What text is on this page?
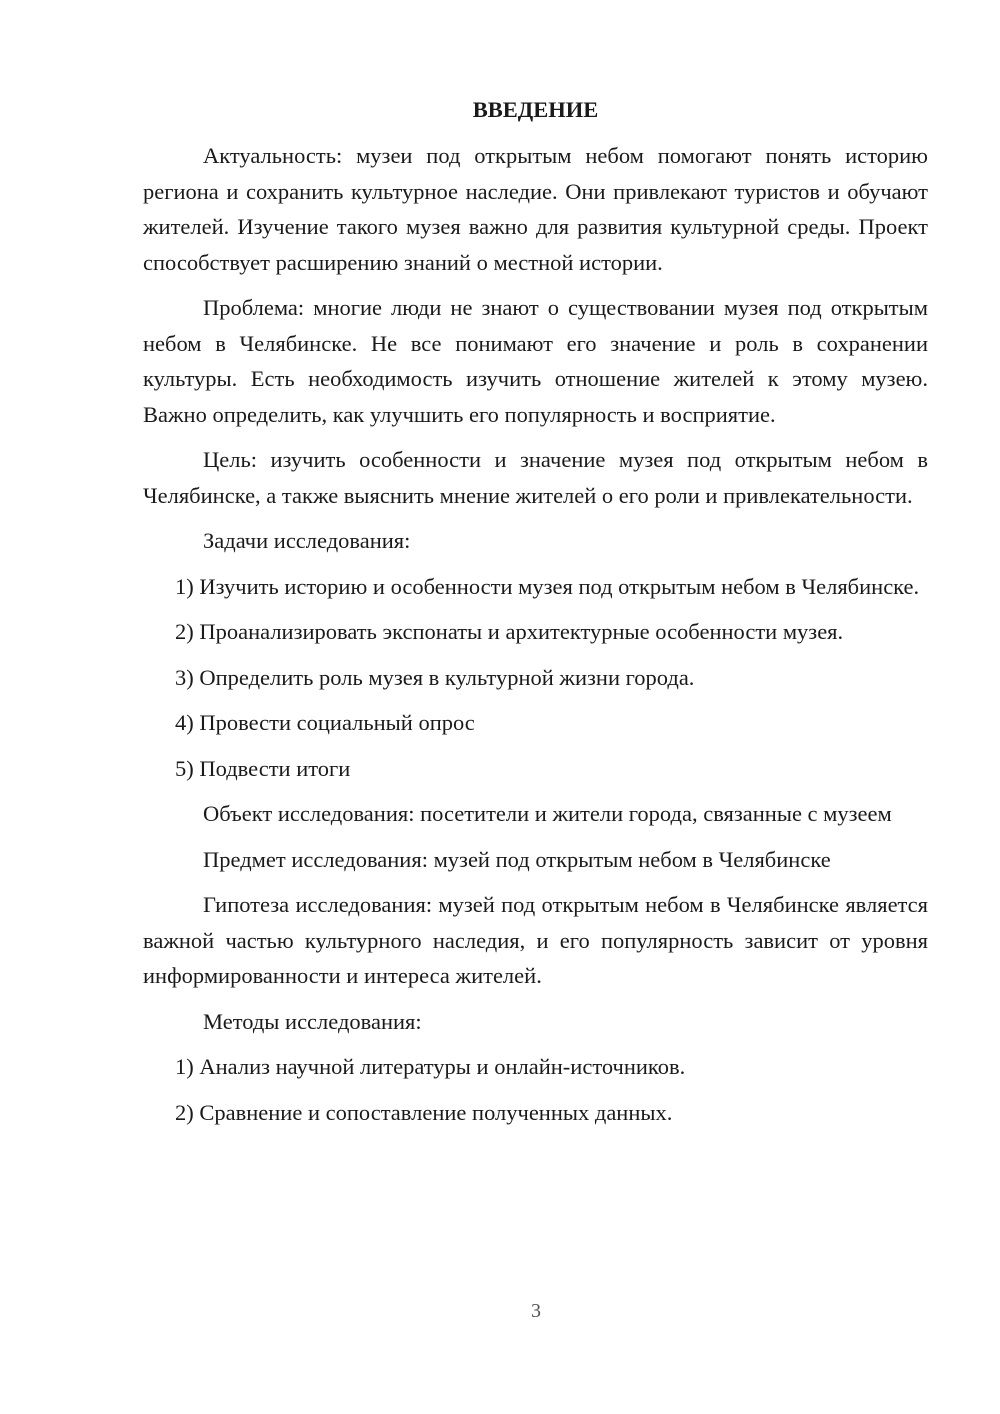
ВВЕДЕНИЕ

Актуальность: музеи под открытым небом помогают понять историю региона и сохранить культурное наследие. Они привлекают туристов и обучают жителей. Изучение такого музея важно для развития культурной среды. Проект способствует расширению знаний о местной истории.

Проблема: многие люди не знают о существовании музея под открытым небом в Челябинске. Не все понимают его значение и роль в сохранении культуры. Есть необходимость изучить отношение жителей к этому музею. Важно определить, как улучшить его популярность и восприятие.

Цель: изучить особенности и значение музея под открытым небом в Челябинске, а также выяснить мнение жителей о его роли и привлекательности.

Задачи исследования:

1) Изучить историю и особенности музея под открытым небом в Челябинске.

2) Проанализировать экспонаты и архитектурные особенности музея.

3) Определить роль музея в культурной жизни города.

4) Провести социальный опрос

5) Подвести итоги

Объект исследования: посетители и жители города, связанные с музеем

Предмет исследования: музей под открытым небом в Челябинске

Гипотеза исследования: музей под открытым небом в Челябинске является важной частью культурного наследия, и его популярность зависит от уровня информированности и интереса жителей.

Методы исследования:

1) Анализ научной литературы и онлайн-источников.

2) Сравнение и сопоставление полученных данных.

3
